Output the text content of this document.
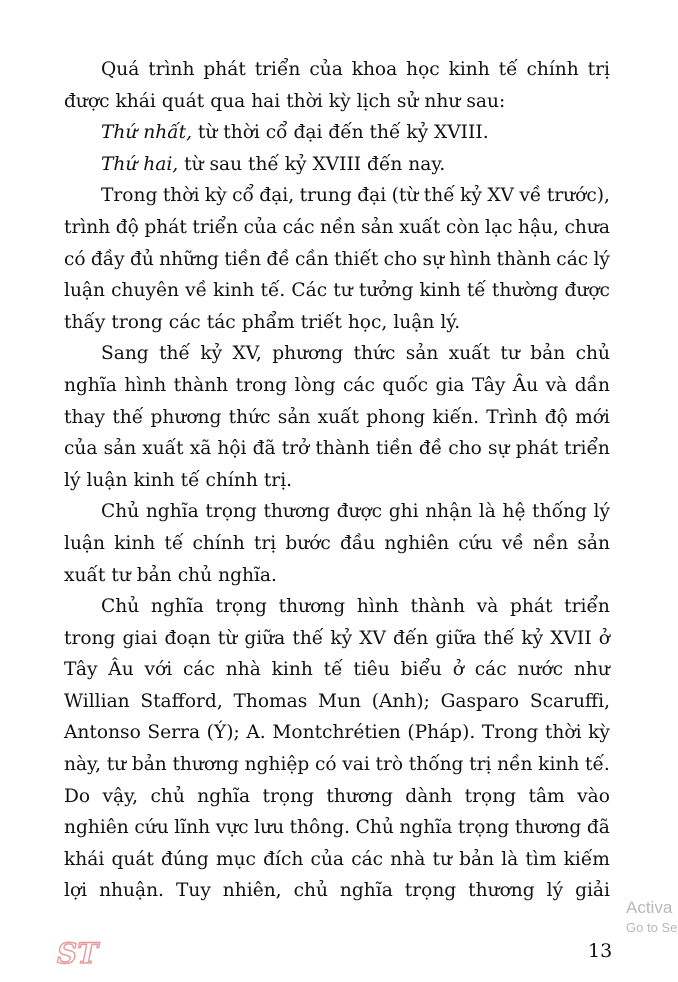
Quá trình phát triển của khoa học kinh tế chính trị
được khái quát qua hai thời kỳ lịch sử như sau:
Thứ nhất, từ thời cổ đại đến thế kỷ XVIII.
Thứ hai, từ sau thế kỷ XVIII đến nay.
Trong thời kỳ cổ đại, trung đại (từ thế kỷ XV về trước),
trình độ phát triển của các nền sản xuất còn lạc hậu, chưa
có đầy đủ những tiền đề cần thiết cho sự hình thành các lý
luận chuyên về kinh tế. Các tư tưởng kinh tế thường được
thấy trong các tác phẩm triết học, luận lý.
Sang thế kỷ XV, phương thức sản xuất tư bản chủ
nghĩa hình thành trong lòng các quốc gia Tây Âu và dần
thay thế phương thức sản xuất phong kiến. Trình độ mới
của sản xuất xã hội đã trở thành tiền đề cho sự phát triển
lý luận kinh tế chính trị.
Chủ nghĩa trọng thương được ghi nhận là hệ thống lý
luận kinh tế chính trị bước đầu nghiên cứu về nền sản
xuất tư bản chủ nghĩa.
Chủ nghĩa trọng thương hình thành và phát triển
trong giai đoạn từ giữa thế kỷ XV đến giữa thế kỷ XVII ở
Tây Âu với các nhà kinh tế tiêu biểu ở các nước như
Willian Stafford, Thomas Mun (Anh); Gasparo Scaruffi,
Antonso Serra (Ý); A. Montchrétien (Pháp). Trong thời kỳ
này, tư bản thương nghiệp có vai trò thống trị nền kinh tế.
Do vậy, chủ nghĩa trọng thương dành trọng tâm vào
nghiên cứu lĩnh vực lưu thông. Chủ nghĩa trọng thương đã
khái quát đúng mục đích của các nhà tư bản là tìm kiếm
lợi nhuận. Tuy nhiên, chủ nghĩa trọng thương lý giải
Activa
Go to Se
ST	13
